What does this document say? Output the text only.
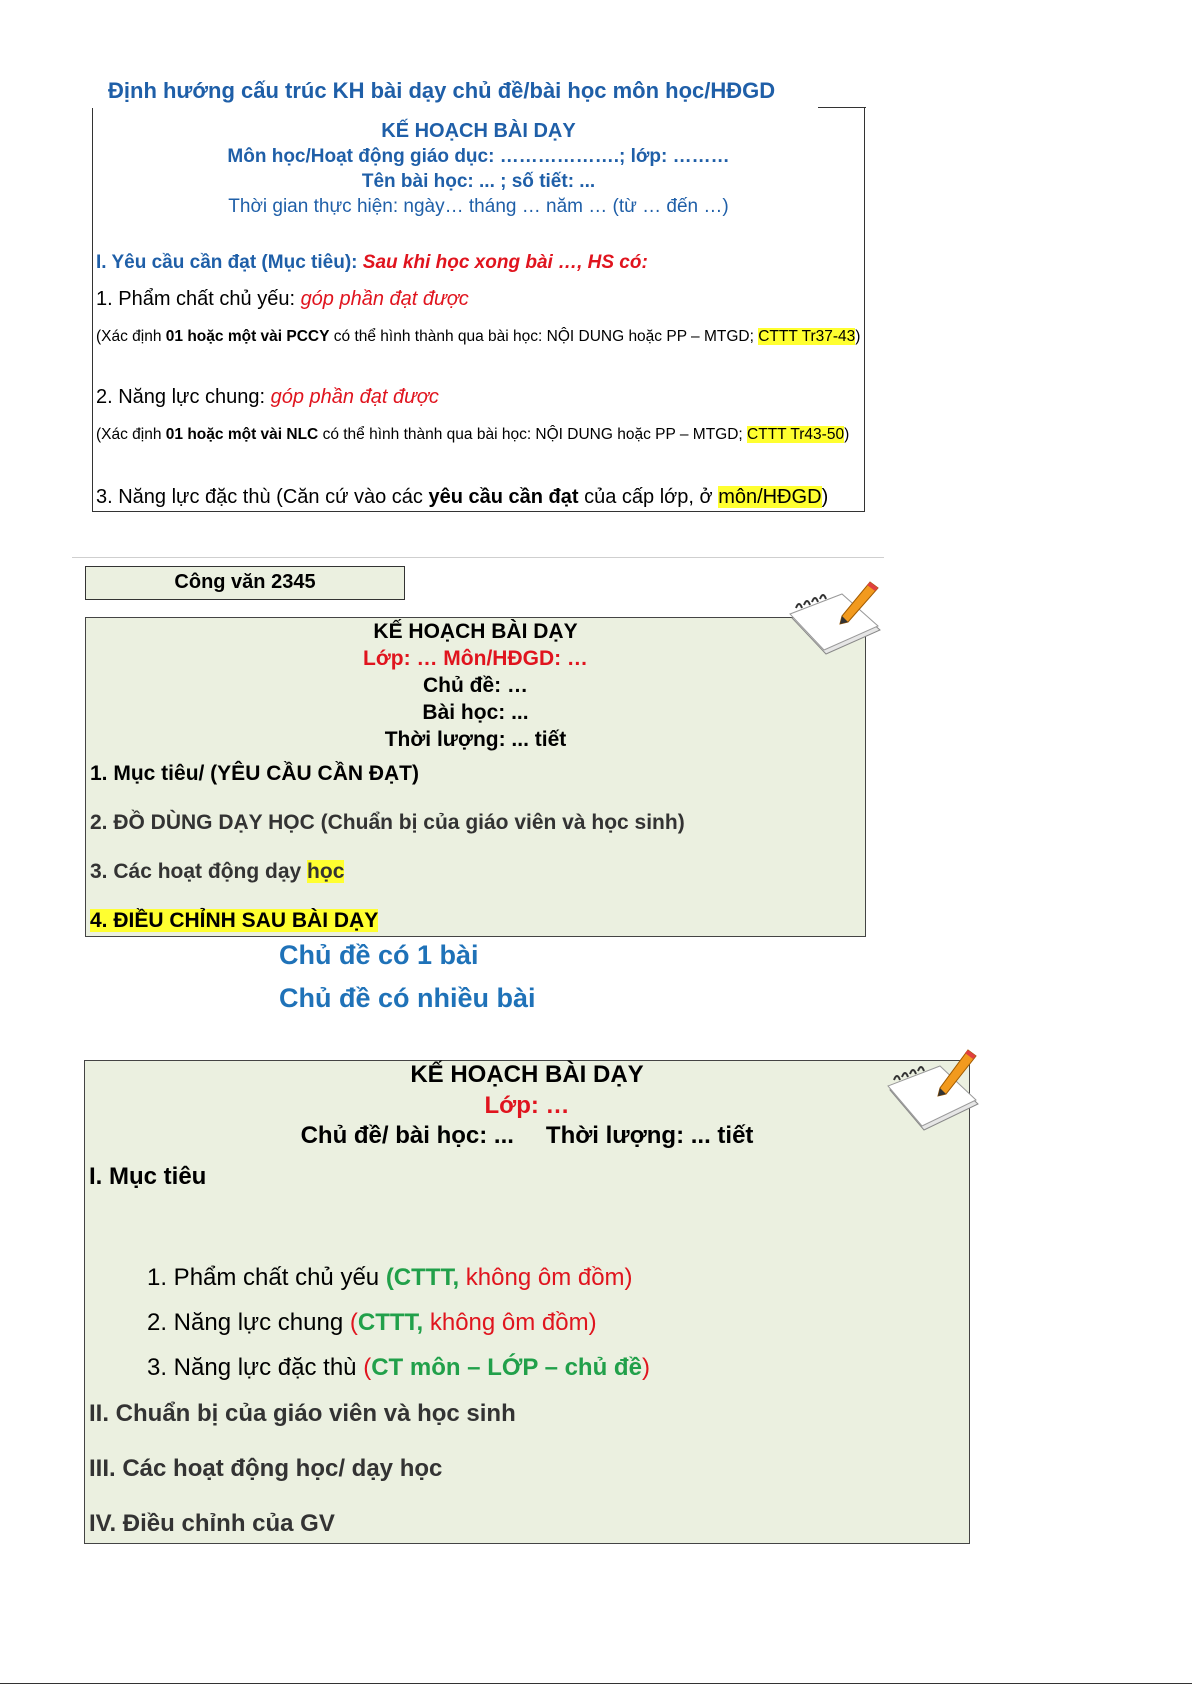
Định hướng cấu trúc KH bài dạy chủ đề/bài học môn học/HĐGD
KẾ HOẠCH BÀI DẠY
Môn học/Hoạt động giáo dục: ……………….; lớp: ………
Tên bài học: ... ; số tiết: ...
Thời gian thực hiện: ngày… tháng … năm … (từ … đến …)
I. Yêu cầu cần đạt (Mục tiêu): Sau khi học xong bài …, HS có:
1. Phẩm chất chủ yếu: góp phần đạt được
(Xác định 01 hoặc một vài PCCY có thể hình thành qua bài học: NỘI DUNG hoặc PP – MTGD; CTTT Tr37-43)
2. Năng lực chung: góp phần đạt được
(Xác định 01 hoặc một vài NLC có thể hình thành qua bài học: NỘI DUNG hoặc PP – MTGD; CTTT Tr43-50)
3. Năng lực đặc thù (Căn cứ vào các yêu cầu cần đạt của cấp lớp, ở môn/HĐGD)
Công văn 2345
KẾ HOẠCH BÀI DẠY
Lớp: … Môn/HĐGD: …
Chủ đề: …
Bài học: ...
Thời lượng: ... tiết
1. Mục tiêu/ (YÊU CẦU CẦN ĐẠT)
2. ĐỒ DÙNG DẠY HỌC (Chuẩn bị của giáo viên và học sinh)
3. Các hoạt động dạy học
4. ĐIỀU CHỈNH SAU BÀI DẠY
Chủ đề có 1 bài
Chủ đề có nhiều bài
KẾ HOẠCH BÀI DẠY
Lớp: …
Chủ đề/ bài học: ... Thời lượng: ... tiết
I. Mục tiêu
1. Phẩm chất chủ yếu (CTTT, không ôm đồm)
2. Năng lực chung (CTTT, không ôm đồm)
3. Năng lực đặc thù (CT môn – LỚP – chủ đề)
II. Chuẩn bị của giáo viên và học sinh
III. Các hoạt động học/ dạy học
IV. Điều chỉnh của GV
